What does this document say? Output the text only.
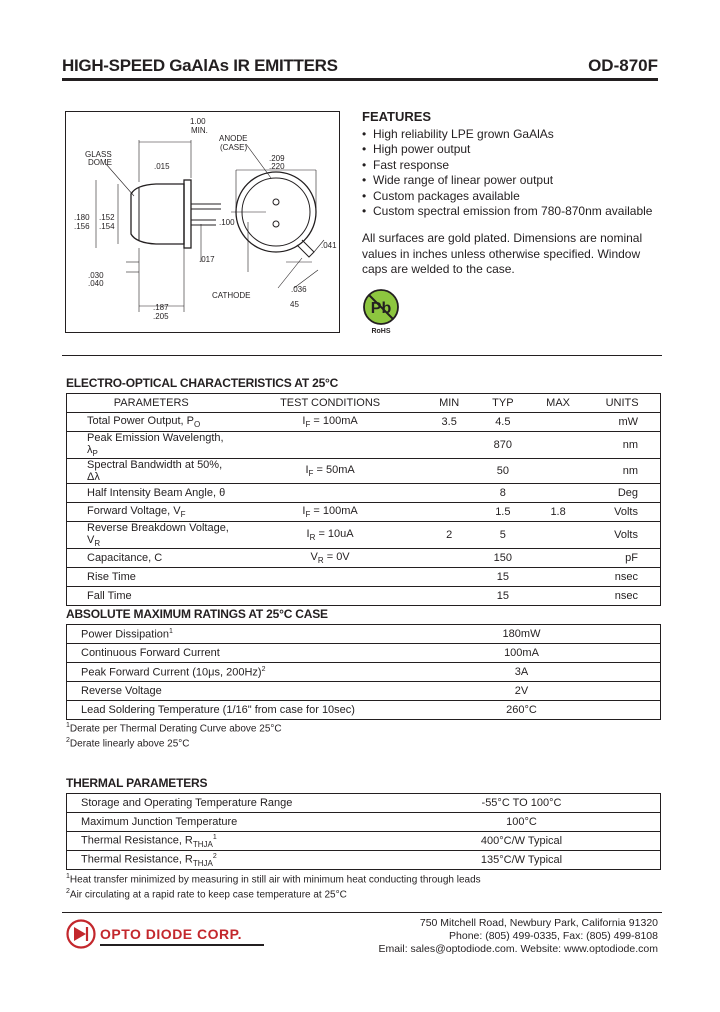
HIGH-SPEED GaAlAs IR EMITTERS	OD-870F
1.00
MIN.
GLASS
DOME
ANODE
(CASE)
.015
.209
.220
.180
.156
.152
.154	.100
.017
.041
.036
.030
.040
CATHODE
45
.187
.205
FEATURES
• High reliability LPE grown GaAlAs
• High power output
• Fast response
• Wide range of linear power output
• Custom packages available
• Custom spectral emission from 780-870nm available
All surfaces are gold plated. Dimensions are nominal values in inches unless otherwise specified. Window caps are welded to the case.
Pb
RoHS
ELECTRO-OPTICAL CHARACTERISTICS AT 25°C
PARAMETERS	TEST CONDITIONS	MIN	TYP	MAX	UNITS
Total Power Output, $P_O$	$I_F = 100mA$	3.5	4.5		mW
Peak Emission Wavelength, $\lambda_P$			870		nm
Spectral Bandwidth at 50%, Δλ	$I_F = 50mA$		50		nm
Half Intensity Beam Angle, θ			8		Deg
Forward Voltage, $V_F$	$I_F = 100mA$		1.5	1.8	Volts
Reverse Breakdown Voltage, $V_R$	$I_R = 10uA$	2	5		Volts
Capacitance, C	$V_R = 0V$		150		pF
Rise Time			15		nsec
Fall Time			15		nsec
ABSOLUTE MAXIMUM RATINGS AT 25°C CASE
Power Dissipation$^1$	180mW
Continuous Forward Current	100mA
Peak Forward Current (10μs, 200Hz)$^2$	3A
Reverse Voltage	2V
Lead Soldering Temperature (1/16" from case for 10sec)	260°C
$^1$Derate per Thermal Derating Curve above 25°C
$^2$Derate linearly above 25°C
THERMAL PARAMETERS
Storage and Operating Temperature Range	-55°C TO 100°C
Maximum Junction Temperature	100°C
Thermal Resistance, $R_{THJA}^1$	400°C/W Typical
Thermal Resistance, $R_{THJA}^2$	135°C/W Typical
$^1$Heat transfer minimized by measuring in still air with minimum heat conducting through leads
$^2$Air circulating at a rapid rate to keep case temperature at 25°C
OPTO DIODE CORP.
750 Mitchell Road, Newbury Park, California 91320
Phone: (805) 499-0335, Fax: (805) 499-8108
Email: sales@optodiode.com. Website: www.optodiode.com
